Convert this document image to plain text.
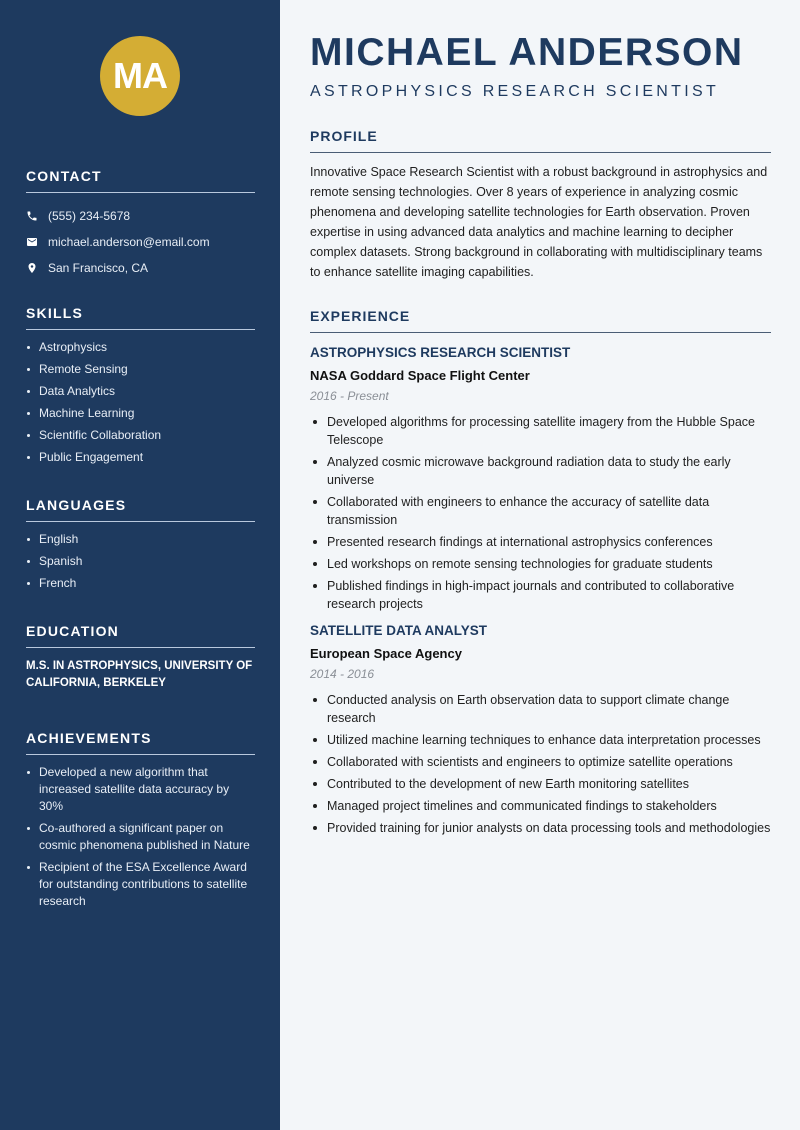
MA
CONTACT
(555) 234-5678
michael.anderson@email.com
San Francisco, CA
SKILLS
Astrophysics
Remote Sensing
Data Analytics
Machine Learning
Scientific Collaboration
Public Engagement
LANGUAGES
English
Spanish
French
EDUCATION
M.S. IN ASTROPHYSICS, UNIVERSITY OF CALIFORNIA, BERKELEY
ACHIEVEMENTS
Developed a new algorithm that increased satellite data accuracy by 30%
Co-authored a significant paper on cosmic phenomena published in Nature
Recipient of the ESA Excellence Award for outstanding contributions to satellite research
MICHAEL ANDERSON
ASTROPHYSICS RESEARCH SCIENTIST
PROFILE

Innovative Space Research Scientist with a robust background in astrophysics and remote sensing technologies. Over 8 years of experience in analyzing cosmic phenomena and developing satellite technologies for Earth observation. Proven expertise in using advanced data analytics and machine learning to decipher complex datasets. Strong background in collaborating with multidisciplinary teams to enhance satellite imaging capabilities.

EXPERIENCE
ASTROPHYSICS RESEARCH SCIENTIST
NASA Goddard Space Flight Center
2016 - Present
Developed algorithms for processing satellite imagery from the Hubble Space Telescope
Analyzed cosmic microwave background radiation data to study the early universe
Collaborated with engineers to enhance the accuracy of satellite data transmission
Presented research findings at international astrophysics conferences
Led workshops on remote sensing technologies for graduate students
Published findings in high-impact journals and contributed to collaborative research projects
SATELLITE DATA ANALYST
European Space Agency
2014 - 2016
Conducted analysis on Earth observation data to support climate change research
Utilized machine learning techniques to enhance data interpretation processes
Collaborated with scientists and engineers to optimize satellite operations
Contributed to the development of new Earth monitoring satellites
Managed project timelines and communicated findings to stakeholders
Provided training for junior analysts on data processing tools and methodologies
